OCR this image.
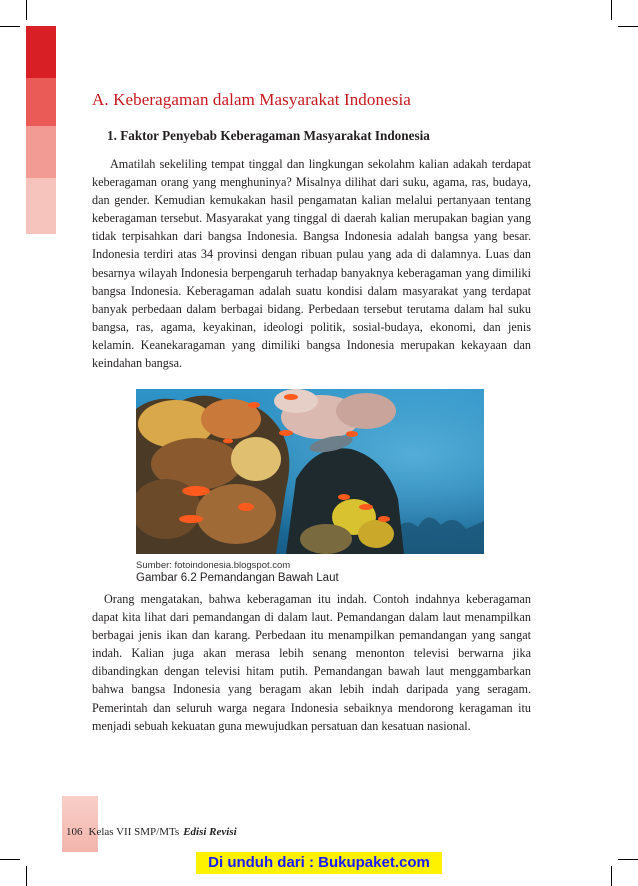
A. Keberagaman dalam Masyarakat Indonesia
1. Faktor Penyebab Keberagaman Masyarakat Indonesia

Amatilah sekeliling tempat tinggal dan lingkungan sekolahm kalian adakah terdapat keberagaman orang yang menghuninya? Misalnya dilihat dari suku, agama, ras, budaya, dan gender. Kemudian kemukakan hasil pengamatan kalian melalui pertanyaan tentang keberagaman tersebut. Masyarakat yang tinggal di daerah kalian merupakan bagian yang tidak terpisahkan dari bangsa Indonesia. Bangsa Indonesia adalah bangsa yang besar. Indonesia terdiri atas 34 provinsi dengan ribuan pulau yang ada di dalamnya. Luas dan besarnya wilayah Indonesia berpengaruh terhadap banyaknya keberagaman yang dimiliki bangsa Indonesia. Keberagaman adalah suatu kondisi dalam masyarakat yang terdapat banyak perbedaan dalam berbagai bidang. Perbedaan tersebut terutama dalam hal suku bangsa, ras, agama, keyakinan, ideologi politik, sosial-budaya, ekonomi, dan jenis kelamin. Keanekaragaman yang dimiliki bangsa Indonesia merupakan kekayaan dan keindahan bangsa.

Sumber: fotoindonesia.blogspot.com
Gambar 6.2 Pemandangan Bawah Laut

Orang mengatakan, bahwa keberagaman itu indah. Contoh indahnya keberagaman dapat kita lihat dari pemandangan di dalam laut. Pemandangan dalam laut menampilkan berbagai jenis ikan dan karang. Perbedaan itu menampilkan pemandangan yang sangat indah. Kalian juga akan merasa lebih senang menonton televisi berwarna jika dibandingkan dengan televisi hitam putih. Pemandangan bawah laut menggambarkan bahwa bangsa Indonesia yang beragam akan lebih indah daripada yang seragam. Pemerintah dan seluruh warga negara Indonesia sebaiknya mendorong keragaman itu menjadi sebuah kekuatan guna mewujudkan persatuan dan kesatuan nasional.

106 Kelas VII SMP/MTs Edisi Revisi
Di unduh dari : Bukupaket.com
